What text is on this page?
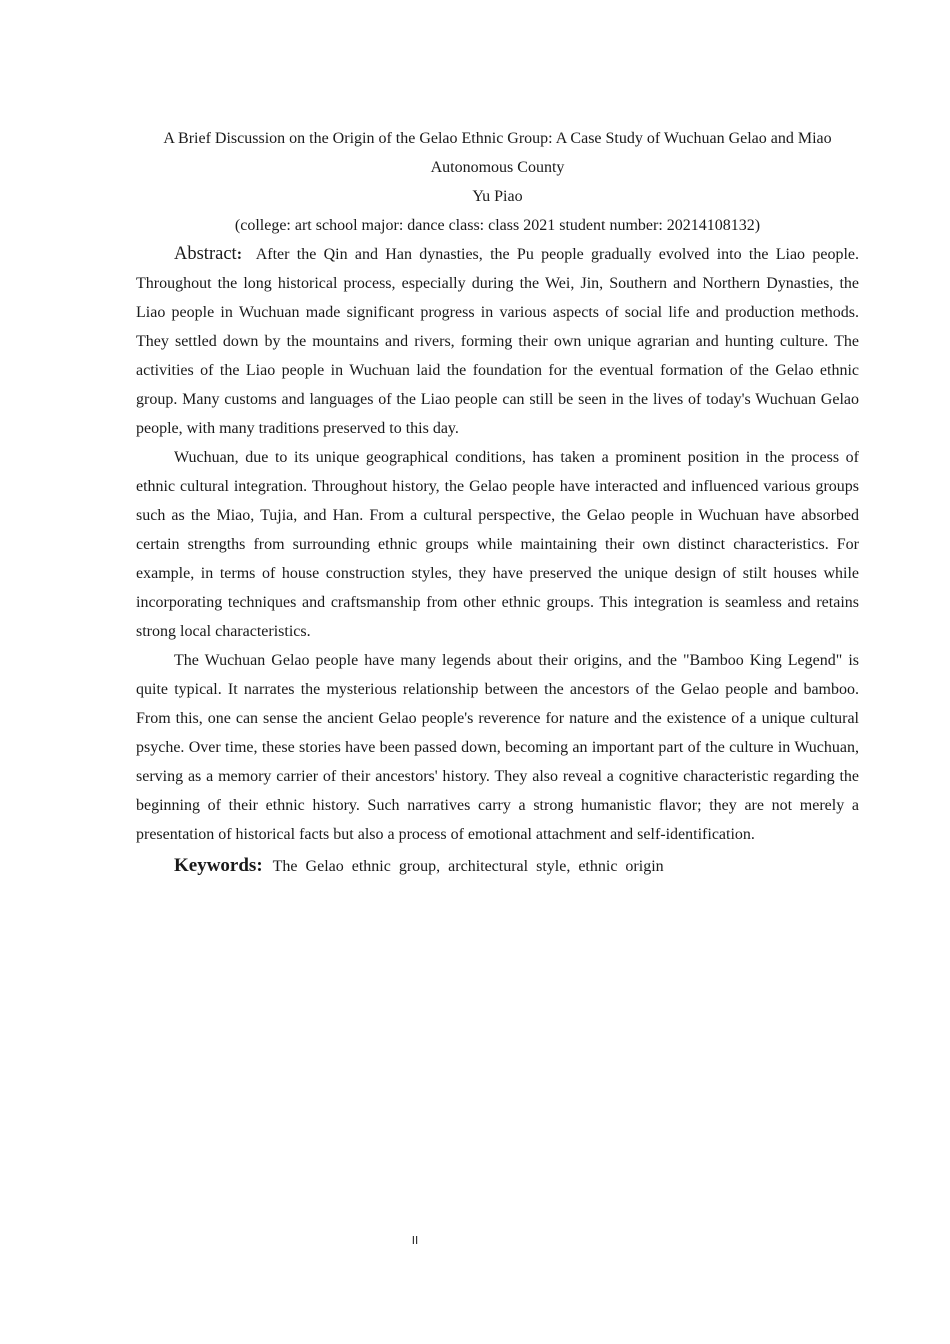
A Brief Discussion on the Origin of the Gelao Ethnic Group: A Case Study of Wuchuan Gelao and Miao

Autonomous County

Yu Piao

(college: art school major: dance class: class 2021 student number: 20214108132)

Abstract: After the Qin and Han dynasties, the Pu people gradually evolved into the Liao people. Throughout the long historical process, especially during the Wei, Jin, Southern and Northern Dynasties, the Liao people in Wuchuan made significant progress in various aspects of social life and production methods. They settled down by the mountains and rivers, forming their own unique agrarian and hunting culture. The activities of the Liao people in Wuchuan laid the foundation for the eventual formation of the Gelao ethnic group. Many customs and languages of the Liao people can still be seen in the lives of today's Wuchuan Gelao people, with many traditions preserved to this day.

Wuchuan, due to its unique geographical conditions, has taken a prominent position in the process of ethnic cultural integration. Throughout history, the Gelao people have interacted and influenced various groups such as the Miao, Tujia, and Han. From a cultural perspective, the Gelao people in Wuchuan have absorbed certain strengths from surrounding ethnic groups while maintaining their own distinct characteristics. For example, in terms of house construction styles, they have preserved the unique design of stilt houses while incorporating techniques and craftsmanship from other ethnic groups. This integration is seamless and retains strong local characteristics.

The Wuchuan Gelao people have many legends about their origins, and the "Bamboo King Legend" is quite typical. It narrates the mysterious relationship between the ancestors of the Gelao people and bamboo. From this, one can sense the ancient Gelao people's reverence for nature and the existence of a unique cultural psyche. Over time, these stories have been passed down, becoming an important part of the culture in Wuchuan, serving as a memory carrier of their ancestors' history. They also reveal a cognitive characteristic regarding the beginning of their ethnic history. Such narratives carry a strong humanistic flavor; they are not merely a presentation of historical facts but also a process of emotional attachment and self-identification.

Keywords: The Gelao ethnic group, architectural style, ethnic origin

II
